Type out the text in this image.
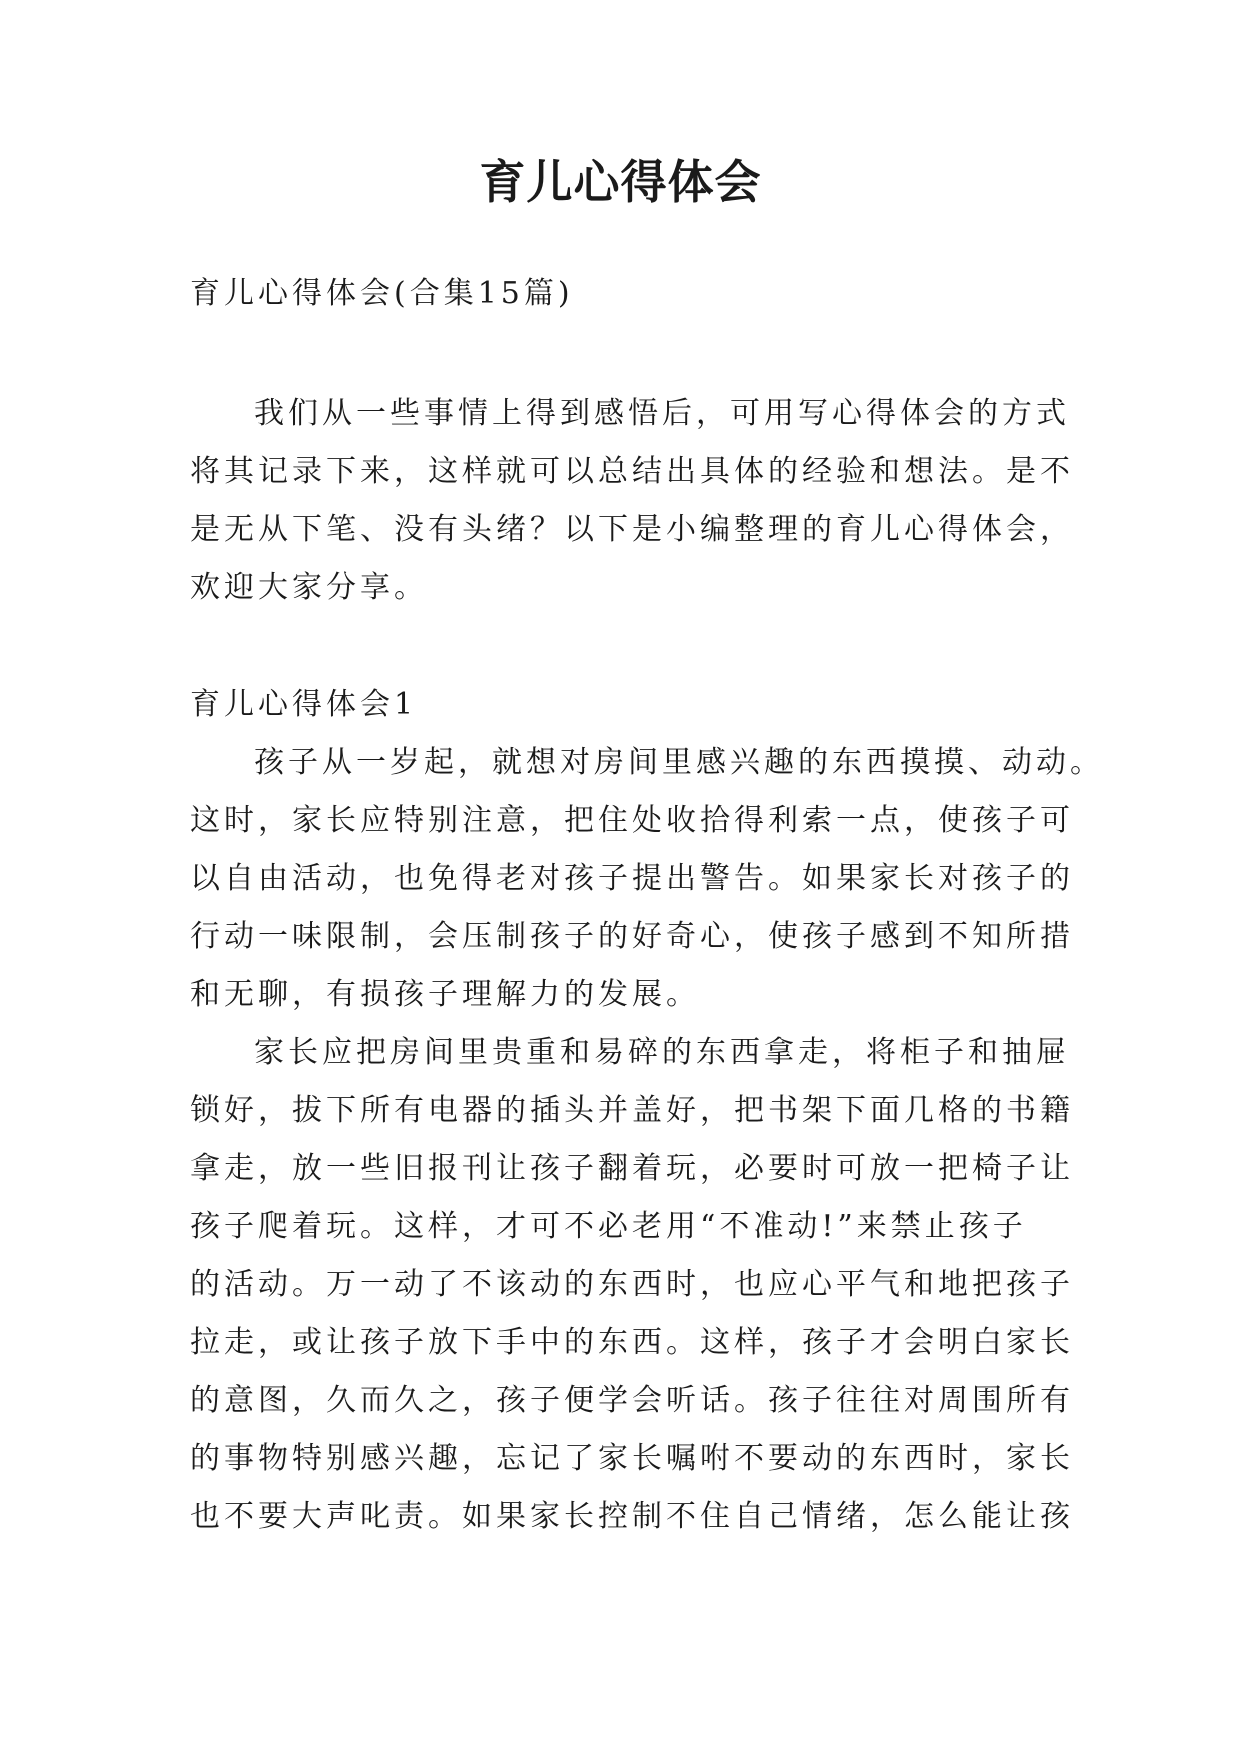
育儿心得体会

育儿心得体会(合集15篇)

我们从一些事情上得到感悟后，可用写心得体会的方式

将其记录下来，这样就可以总结出具体的经验和想法。是不

是无从下笔、没有头绪？以下是小编整理的育儿心得体会，

欢迎大家分享。

育儿心得体会1

孩子从一岁起，就想对房间里感兴趣的东西摸摸、动动。

这时，家长应特别注意，把住处收拾得利索一点，使孩子可

以自由活动，也免得老对孩子提出警告。如果家长对孩子的

行动一味限制，会压制孩子的好奇心，使孩子感到不知所措

和无聊，有损孩子理解力的发展。

家长应把房间里贵重和易碎的东西拿走，将柜子和抽屉

锁好，拔下所有电器的插头并盖好，把书架下面几格的书籍

拿走，放一些旧报刊让孩子翻着玩，必要时可放一把椅子让

孩子爬着玩。这样，才可不必老用“不准动!”来禁止孩子

的活动。万一动了不该动的东西时，也应心平气和地把孩子

拉走，或让孩子放下手中的东西。这样，孩子才会明白家长

的意图，久而久之，孩子便学会听话。孩子往往对周围所有

的事物特别感兴趣，忘记了家长嘱咐不要动的东西时，家长

也不要大声叱责。如果家长控制不住自己情绪，怎么能让孩
